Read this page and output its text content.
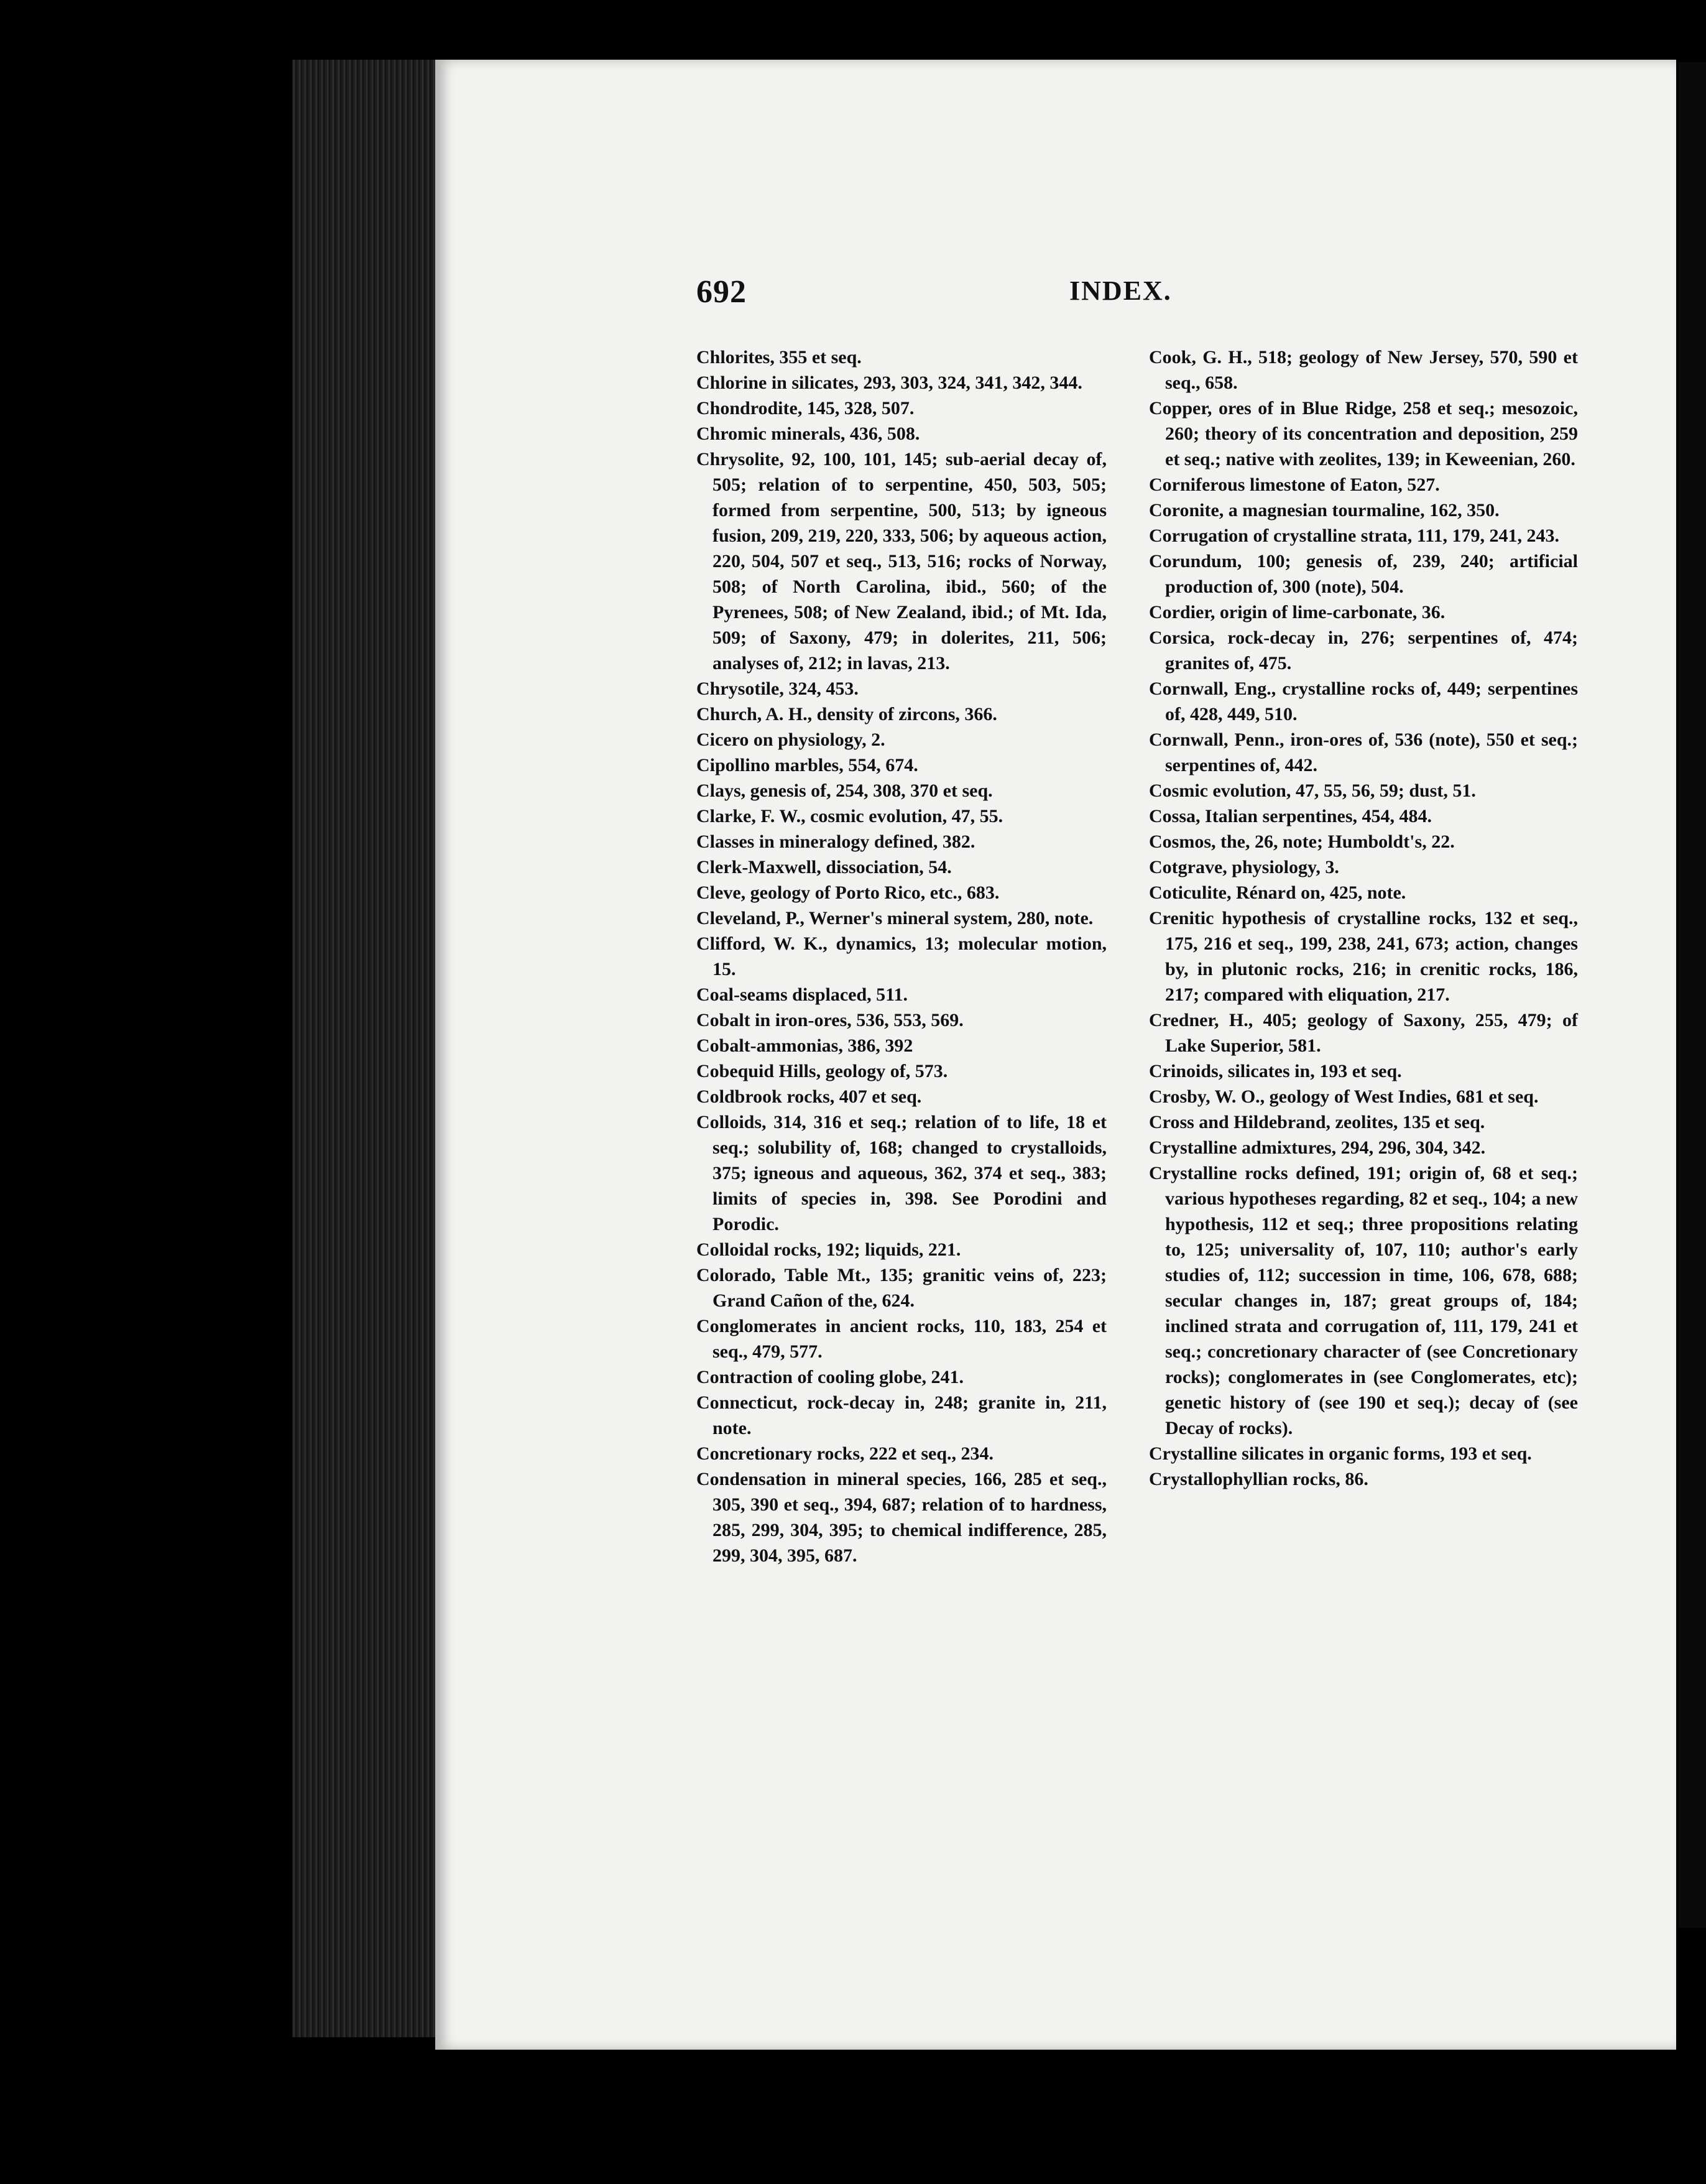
692	INDEX.

Chlorites, 355 et seq.

Chlorine in silicates, 293, 303, 324, 341, 342, 344.

Chondrodite, 145, 328, 507.

Chromic minerals, 436, 508.

Chrysolite, 92, 100, 101, 145; sub-aerial decay of, 505; relation of to serpentine, 450, 503, 505; formed from serpentine, 500, 513; by igneous fusion, 209, 219, 220, 333, 506; by aqueous action, 220, 504, 507 et seq., 513, 516; rocks of Norway, 508; of North Carolina, ibid., 560; of the Pyrenees, 508; of New Zealand, ibid.; of Mt. Ida, 509; of Saxony, 479; in dolerites, 211, 506; analyses of, 212; in lavas, 213.

Chrysotile, 324, 453.

Church, A. H., density of zircons, 366.

Cicero on physiology, 2.

Cipollino marbles, 554, 674.

Clays, genesis of, 254, 308, 370 et seq.

Clarke, F. W., cosmic evolution, 47, 55.

Classes in mineralogy defined, 382.

Clerk-Maxwell, dissociation, 54.

Cleve, geology of Porto Rico, etc., 683.

Cleveland, P., Werner's mineral system, 280, note.

Clifford, W. K., dynamics, 13; molecular motion, 15.

Coal-seams displaced, 511.

Cobalt in iron-ores, 536, 553, 569.

Cobalt-ammonias, 386, 392

Cobequid Hills, geology of, 573.

Coldbrook rocks, 407 et seq.

Colloids, 314, 316 et seq.; relation of to life, 18 et seq.; solubility of, 168; changed to crystalloids, 375; igneous and aqueous, 362, 374 et seq., 383; limits of species in, 398. See Porodini and Porodic.

Colloidal rocks, 192; liquids, 221.

Colorado, Table Mt., 135; granitic veins of, 223; Grand Cañon of the, 624.

Conglomerates in ancient rocks, 110, 183, 254 et seq., 479, 577.

Contraction of cooling globe, 241.

Connecticut, rock-decay in, 248; granite in, 211, note.

Concretionary rocks, 222 et seq., 234.

Condensation in mineral species, 166, 285 et seq., 305, 390 et seq., 394, 687; relation of to hardness, 285, 299, 304, 395; to chemical indifference, 285, 299, 304, 395, 687.

Cook, G. H., 518; geology of New Jersey, 570, 590 et seq., 658.

Copper, ores of in Blue Ridge, 258 et seq.; mesozoic, 260; theory of its concentration and deposition, 259 et seq.; native with zeolites, 139; in Keweenian, 260.

Corniferous limestone of Eaton, 527.

Coronite, a magnesian tourmaline, 162, 350.

Corrugation of crystalline strata, 111, 179, 241, 243.

Corundum, 100; genesis of, 239, 240; artificial production of, 300 (note), 504.

Cordier, origin of lime-carbonate, 36.

Corsica, rock-decay in, 276; serpentines of, 474; granites of, 475.

Cornwall, Eng., crystalline rocks of, 449; serpentines of, 428, 449, 510.

Cornwall, Penn., iron-ores of, 536 (note), 550 et seq.; serpentines of, 442.

Cosmic evolution, 47, 55, 56, 59; dust, 51.

Cossa, Italian serpentines, 454, 484.

Cosmos, the, 26, note; Humboldt's, 22.

Cotgrave, physiology, 3.

Coticulite, Rénard on, 425, note.

Crenitic hypothesis of crystalline rocks, 132 et seq., 175, 216 et seq., 199, 238, 241, 673; action, changes by, in plutonic rocks, 216; in crenitic rocks, 186, 217; compared with eliquation, 217.

Credner, H., 405; geology of Saxony, 255, 479; of Lake Superior, 581.

Crinoids, silicates in, 193 et seq.

Crosby, W. O., geology of West Indies, 681 et seq.

Cross and Hildebrand, zeolites, 135 et seq.

Crystalline admixtures, 294, 296, 304, 342.

Crystalline rocks defined, 191; origin of, 68 et seq.; various hypotheses regarding, 82 et seq., 104; a new hypothesis, 112 et seq.; three propositions relating to, 125; universality of, 107, 110; author's early studies of, 112; succession in time, 106, 678, 688; secular changes in, 187; great groups of, 184; inclined strata and corrugation of, 111, 179, 241 et seq.; concretionary character of (see Concretionary rocks); conglomerates in (see Conglomerates, etc); genetic history of (see 190 et seq.); decay of (see Decay of rocks).

Crystalline silicates in organic forms, 193 et seq.

Crystallophyllian rocks, 86.
